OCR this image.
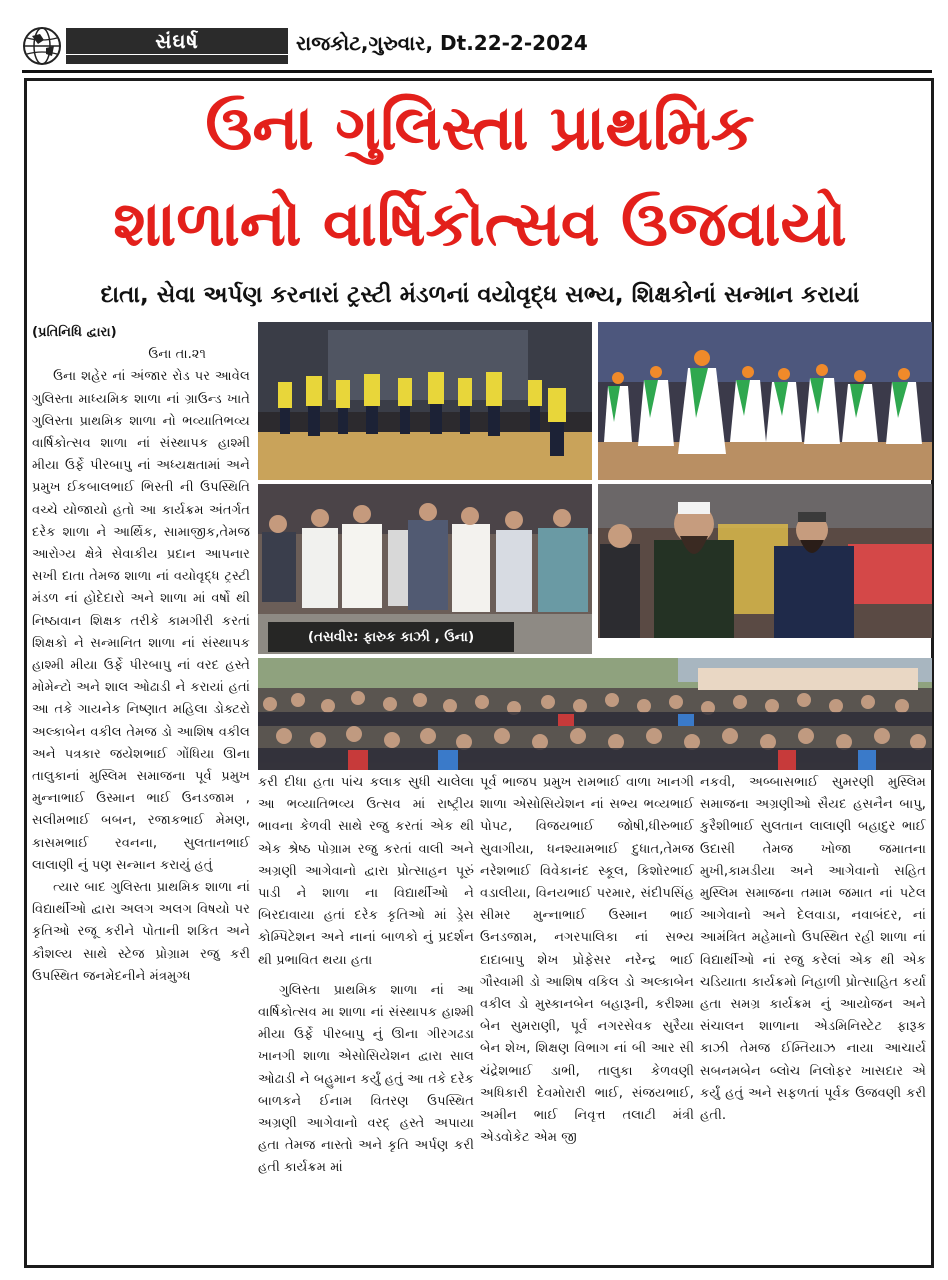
સંઘર્ષ	રાજકોટ,ગુરુવાર, Dt.22-2-2024
ઉના ગુલિસ્તા પ્રાથમિક
શાળાનો વાર્ષિકોત્સવ ઉજવાયો
દાતા, સેવા અર્પણ કરનારાં ટ્રસ્ટી મંડળનાં વયોવૃદ્ધ સભ્ય, શિક્ષકોનાં સન્માન કરાયાં
(તસવીર: ફારુક કાઝી , ઉના)

(પ્રતિનિધિ દ્વારા)

ઉના તા.૨૧

ઉના શહેર નાં અંજાર રોડ પર આવેલ ગુલિસ્તા માધ્યમિક શાળા નાં ગ્રાઉન્ડ ખાતે ગુલિસ્તા પ્રાથમિક શાળા નો ભવ્યાતિભવ્ય વાર્ષિકોત્સવ શાળા નાં સંસ્થાપક હાશ્મી મીયા ઉર્ફે પીરબાપુ નાં અધ્યક્ષતામાં અને પ્રમુખ ઈકબાલભાઈ ભિસ્તી ની ઉપસ્થિતિ વચ્ચે યોજાયો હતો આ કાર્યક્રમ અંતર્ગત દરેક શાળા ને આર્થિક, સામાજીક,તેમજ આરોગ્ય ક્ષેત્રે સેવાકીય પ્રદાન આપનાર સખી દાતા તેમજ શાળા નાં વયોવૃદ્ધ ટ્રસ્ટી મંડળ નાં હોદેદારો અને શાળા માં વર્ષો થી નિષ્ઠાવાન શિક્ષક તરીકે કામગીરી કરતાં શિક્ષકો ને સન્માનિત શાળા નાં સંસ્થાપક હાશ્મી મીયા ઉર્ફે પીરબાપુ નાં વરદ હસ્તે મોમેન્ટો અને શાલ ઓઢાડી ને કરાયાં હતાં આ તકે ગાયનેક નિષ્ણાત મહિલા ડોક્ટરો અલ્કાબેન વકીલ તેમજ ડો આશિષ વકીલ અને પત્રકાર જયેશભાઈ ગોંધિયા ઊના તાલુકાનાં મુસ્લિમ સમાજના પૂર્વ પ્રમુખ મુન્નાભાઈ ઉસ્માન ભાઈ ઉનડજામ , સલીમભાઈ બબન, રજાકભાઈ મેમણ, કાસમભાઈ રવનના, સુલતાનભાઈ લાલાણી નું પણ સન્માન કરાયું હતું

ત્યાર બાદ ગુલિસ્તા પ્રાથમિક શાળા નાં વિદ્યાર્થીઓ દ્વારા અલગ અલગ વિષયો પર કૃતિઓ રજૂ કરીને પોતાની શકિત અને કૌશલ્ય સાથે સ્ટેજ પ્રોગ્રામ રજુ કરી ઉપસ્થિત જનમેદનીને મંત્રમુગ્ધ

કરી દીધા હતા પાંચ કલાક સુધી ચાલેલા આ ભવ્યાતિભવ્ય ઉત્સવ માં રાષ્ટ્રીય ભાવના કેળવી સાથે રજુ કરતાં એક થી એક શ્રેષ્ઠ પોગ્રામ રજુ કરતાં વાલી અને અગ્રણી આગેવાનો દ્વારા પ્રોત્સાહન પૂરું પાડી ને શાળા ના વિદ્યાર્થીઓ ને બિરદાવાયા હતાં દરેક કૃતિઓ માં ડ્રેસ કોમ્પિટેશન અને નાનાં બાળકો નું પ્રદર્શન થી પ્રભાવિત થયા હતા

ગુલિસ્તા પ્રાથમિક શાળા નાં આ વાર્ષિકોત્સવ મા શાળા નાં સંસ્થાપક હાશ્મી મીયા ઉર્ફે પીરબાપુ નું ઊના ગીરગઢડા ખાનગી શાળા એસોસિયેશન દ્વારા સાલ ઓઢાડી ને બહુમાન કર્યું હતું આ તકે દરેક બાળકને ઈનામ વિતરણ ઉપસ્થિત અગ્રણી આગેવાનો વરદ્ હસ્તે અપાયા હતા તેમજ નાસ્તો અને કૃતિ અર્પણ કરી હતી કાર્યક્રમ માં

પૂર્વ ભાજપ પ્રમુખ રામભાઈ વાળા ખાનગી શાળા એસોસિયેશન નાં સભ્ય ભવ્યભાઈ પોપટ, વિજયભાઈ જોષી,ધીરુભાઈ સુવાગીયા, ધનશ્યામભાઈ દુધાત,તેમજ નરેશભાઈ વિવેકાનંદ સ્કૂલ, કિશોરભાઈ વડાલીયા, વિનયભાઈ પરમાર, સંદીપસિંહ સીમર મુન્નાભાઈ ઉસ્માન ભાઈ ઉનડજામ, નગરપાલિકા નાં સભ્ય દાદાબાપુ શેખ પ્રોફેસર નરેન્દ્ર ભાઈ ગૌસ્વામી ડો આશિષ વકિલ ડો અલ્કાબેન વકીલ ડો મુસ્કાનબેન બહારૂની, કરીશ્મા બેન સુમરાણી, પૂર્વ નગરસેવક સુરૈયા બેન શેખ, શિક્ષણ વિભાગ નાં બી આર સી ચંદ્રેશભાઈ ડાભી, તાલુકા કેળવણી અધિકારી દેવમોરારી ભાઈ, સંજયભાઈ, અમીન ભાઈ નિવૃત્ત તલાટી મંત્રી એડવોકેટ એમ જી

નકવી, અબ્બાસભાઈ સુમરણી મુસ્લિમ સમાજના અગ્રણીઓ સૈયદ હસનૈન બાપુ, કુરૈશીભાઈ સુલતાન લાલાણી બહાદુર ભાઈ ઉદાસી તેમજ ખોજા જમાતના મુખી,કામડીયા અને આગેવાનો સહિત મુસ્લિમ સમાજના તમામ જમાત નાં પટેલ આગેવાનો અને દેલવાડા, નવાબંદર, નાં આમંત્રિત મહેમાનો ઉપસ્થિત રહી શાળા નાં વિદ્યાર્થીઓ નાં રજુ કરેલાં એક થી એક ચડિયાતા કાર્યક્રમો નિહાળી પ્રોત્સાહિત કર્યા હતા સમગ્ર કાર્યક્રમ નું આયોજન અને સંચાલન શાળાના એડમિનિસ્ટેટ ફારૂક કાઝી તેમજ ઈમ્તિયાઝ નાયા આચાર્ય સબનમબેન બ્લોચ નિલોફર ખાસદાર એ કર્યું હતું અને સફળતાં પૂર્વક ઉજવણી કરી હતી.
